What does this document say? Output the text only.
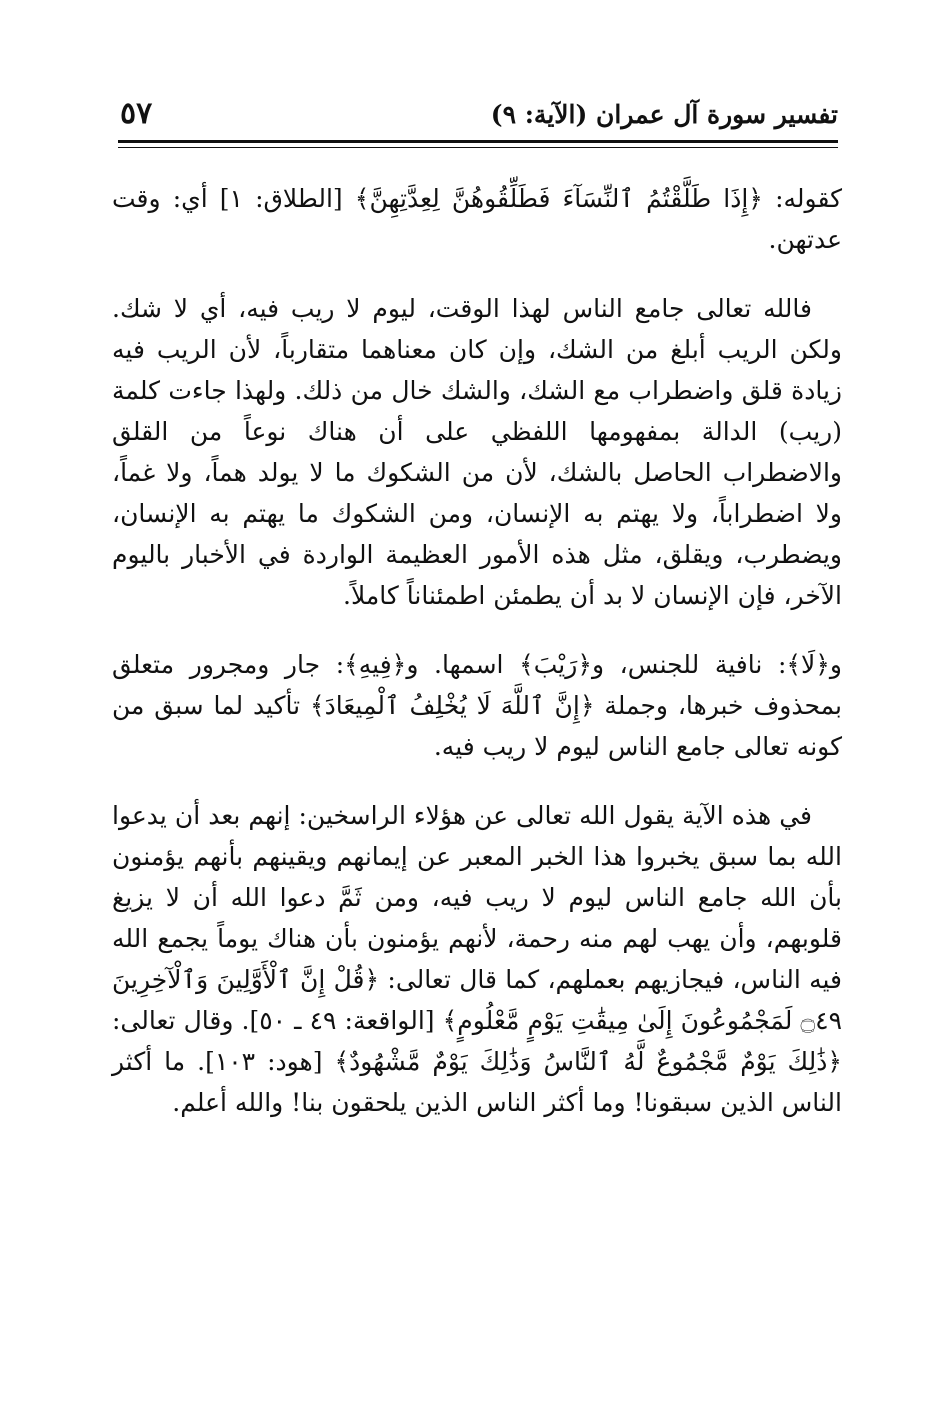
تفسير سورة آل عمران (الآية: ٩)
٥٧

كقوله: ﴿إِذَا طَلَّقْتُمُ ٱلنِّسَآءَ فَطَلِّقُوهُنَّ لِعِدَّتِهِنَّ﴾ [الطلاق: ١] أي: وقت عدتهن.

فالله تعالى جامع الناس لهذا الوقت، ليوم لا ريب فيه، أي لا شك. ولكن الريب أبلغ من الشك، وإن كان معناهما متقارباً، لأن الريب فيه زيادة قلق واضطراب مع الشك، والشك خال من ذلك. ولهذا جاءت كلمة (ريب) الدالة بمفهومها اللفظي على أن هناك نوعاً من القلق والاضطراب الحاصل بالشك، لأن من الشكوك ما لا يولد هماً، ولا غماً، ولا اضطراباً، ولا يهتم به الإنسان، ومن الشكوك ما يهتم به الإنسان، ويضطرب، ويقلق، مثل هذه الأمور العظيمة الواردة في الأخبار باليوم الآخر، فإن الإنسان لا بد أن يطمئن اطمئناناً كاملاً.

و﴿لَا﴾: نافية للجنس، و﴿رَيْبَ﴾ اسمها. و﴿فِيهِ﴾: جار ومجرور متعلق بمحذوف خبرها، وجملة ﴿إِنَّ ٱللَّهَ لَا يُخْلِفُ ٱلْمِيعَادَ﴾ تأكيد لما سبق من كونه تعالى جامع الناس ليوم لا ريب فيه.

في هذه الآية يقول الله تعالى عن هؤلاء الراسخين: إنهم بعد أن يدعوا الله بما سبق يخبروا هذا الخبر المعبر عن إيمانهم ويقينهم بأنهم يؤمنون بأن الله جامع الناس ليوم لا ريب فيه، ومن ثَمَّ دعوا الله أن لا يزيغ قلوبهم، وأن يهب لهم منه رحمة، لأنهم يؤمنون بأن هناك يوماً يجمع الله فيه الناس، فيجازيهم بعملهم، كما قال تعالى: ﴿قُلْ إِنَّ ٱلْأَوَّلِينَ وَٱلْآخِرِينَ ۝٤٩ لَمَجْمُوعُونَ إِلَىٰ مِيقَٰتِ يَوْمٍ مَّعْلُومٍ﴾ [الواقعة: ٤٩ ـ ٥٠]. وقال تعالى: ﴿ذَٰلِكَ يَوْمٌ مَّجْمُوعٌ لَّهُ ٱلنَّاسُ وَذَٰلِكَ يَوْمٌ مَّشْهُودٌ﴾ [هود: ١٠٣]. ما أكثر الناس الذين سبقونا! وما أكثر الناس الذين يلحقون بنا! والله أعلم.
